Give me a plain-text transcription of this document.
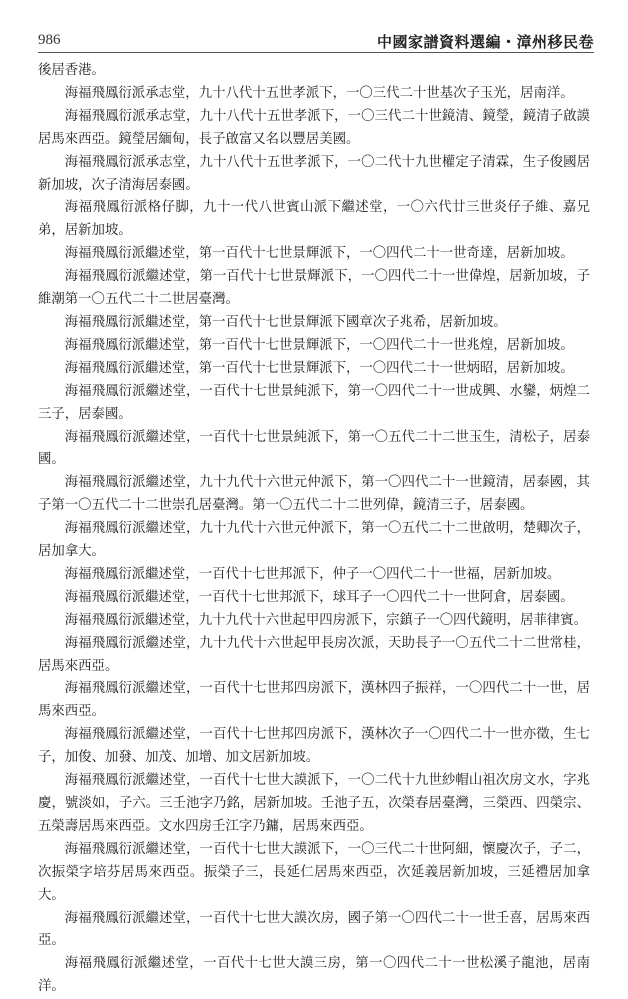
986	中國家譜資料選編・漳州移民卷

後居香港。

海福飛鳳衍派承志堂，九十八代十五世孝派下，一〇三代二十世基次子玉光，居南洋。

海福飛鳳衍派承志堂，九十八代十五世孝派下，一〇三代二十世鏡清、鏡瑩，鏡清子啟謨居馬來西亞。鏡瑩居緬甸，長子啟富又名以豐居美國。

海福飛鳳衍派承志堂，九十八代十五世孝派下，一〇二代十九世權定子清霖，生子俊國居新加坡，次子清海居泰國。

海福飛鳳衍派格仔脚，九十一代八世賓山派下繼述堂，一〇六代廿三世炎仔子維、嘉兄弟，居新加坡。

海福飛鳳衍派繼述堂，第一百代十七世景輝派下，一〇四代二十一世奇達，居新加坡。

海福飛鳳衍派繼述堂，第一百代十七世景輝派下，一〇四代二十一世偉煌，居新加坡，子維潮第一〇五代二十二世居臺灣。

海福飛鳳衍派繼述堂，第一百代十七世景輝派下國章次子兆希，居新加坡。

海福飛鳳衍派繼述堂，第一百代十七世景輝派下，一〇四代二十一世兆煌，居新加坡。

海福飛鳳衍派繼述堂，第一百代十七世景輝派下，一〇四代二十一世炳昭，居新加坡。

海福飛鳳衍派繼述堂，一百代十七世景純派下，第一〇四代二十一世成興、水鑾，炳煌二三子，居泰國。

海福飛鳳衍派繼述堂，一百代十七世景純派下，第一〇五代二十二世玉生，清松子，居泰國。

海福飛鳳衍派繼述堂，九十九代十六世元仲派下，第一〇四代二十一世鏡清，居泰國，其子第一〇五代二十二世崇孔居臺灣。第一〇五代二十二世列偉，鏡清三子，居泰國。

海福飛鳳衍派繼述堂，九十九代十六世元仲派下，第一〇五代二十二世啟明，楚卿次子，居加拿大。

海福飛鳳衍派繼述堂，一百代十七世邦派下，仲子一〇四代二十一世福，居新加坡。

海福飛鳳衍派繼述堂，一百代十七世邦派下，球耳子一〇四代二十一世阿倉，居泰國。

海福飛鳳衍派繼述堂，九十九代十六世起甲四房派下，宗鎮子一〇四代鏡明，居菲律賓。

海福飛鳳衍派繼述堂，九十九代十六世起甲長房次派，天助長子一〇五代二十二世常桂，居馬來西亞。

海福飛鳳衍派繼述堂，一百代十七世邦四房派下，漢林四子振祥，一〇四代二十一世，居馬來西亞。

海福飛鳳衍派繼述堂，一百代十七世邦四房派下，漢林次子一〇四代二十一世亦徵，生七子，加俊、加發、加茂、加增、加文居新加坡。

海福飛鳳衍派繼述堂，一百代十七世大謨派下，一〇二代十九世紗帽山祖次房文水，字兆慶，號淡如，子六。三壬池字乃銘，居新加坡。壬池子五，次榮春居臺灣，三榮西、四榮宗、五榮壽居馬來西亞。文水四房壬江字乃鏞，居馬來西亞。

海福飛鳳衍派繼述堂，一百代十七世大謨派下，一〇三代二十世阿細，懷慶次子，子二，次振榮字培芬居馬來西亞。振榮子三，長延仁居馬來西亞，次延義居新加坡，三延禮居加拿大。

海福飛鳳衍派繼述堂，一百代十七世大謨次房，國子第一〇四代二十一世壬喜，居馬來西亞。

海福飛鳳衍派繼述堂，一百代十七世大謨三房，第一〇四代二十一世松溪子龍池，居南洋。
